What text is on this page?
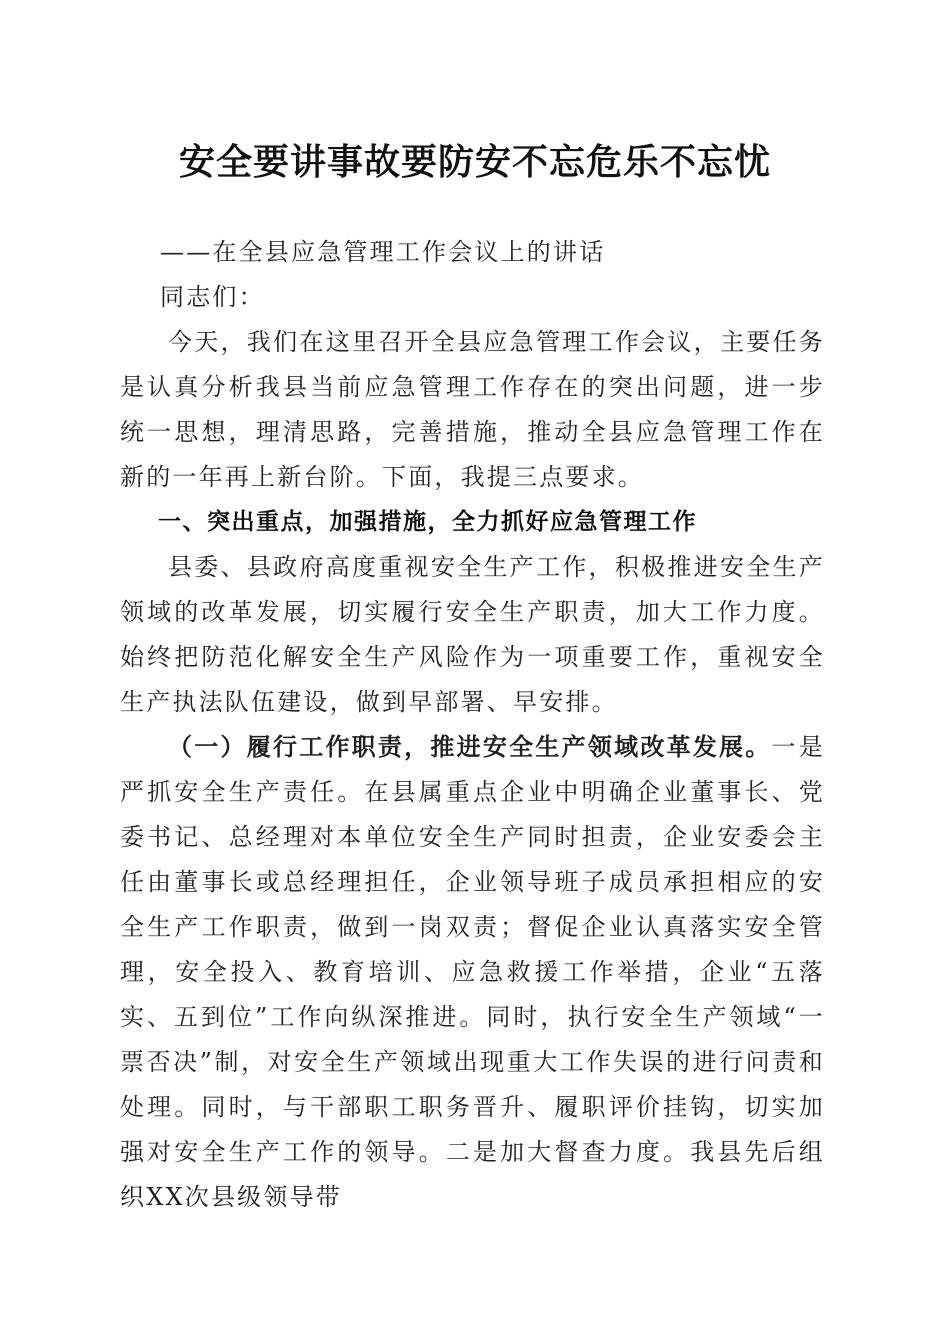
安全要讲事故要防安不忘危乐不忘忧

——在全县应急管理工作会议上的讲话

同志们：

今天，我们在这里召开全县应急管理工作会议，主要任务是认真分析我县当前应急管理工作存在的突出问题，进一步统一思想，理清思路，完善措施，推动全县应急管理工作在新的一年再上新台阶。下面，我提三点要求。

一、突出重点，加强措施，全力抓好应急管理工作

县委、县政府高度重视安全生产工作，积极推进安全生产领域的改革发展，切实履行安全生产职责，加大工作力度。始终把防范化解安全生产风险作为一项重要工作，重视安全生产执法队伍建设，做到早部署、早安排。

（一）履行工作职责，推进安全生产领域改革发展。一是严抓安全生产责任。在县属重点企业中明确企业董事长、党委书记、总经理对本单位安全生产同时担责，企业安委会主任由董事长或总经理担任，企业领导班子成员承担相应的安全生产工作职责，做到一岗双责；督促企业认真落实安全管理，安全投入、教育培训、应急救援工作举措，企业“五落实、五到位”工作向纵深推进。同时，执行安全生产领域“一票否决”制，对安全生产领域出现重大工作失误的进行问责和处理。同时，与干部职工职务晋升、履职评价挂钩，切实加强对安全生产工作的领导。二是加大督查力度。我县先后组织XX次县级领导带
